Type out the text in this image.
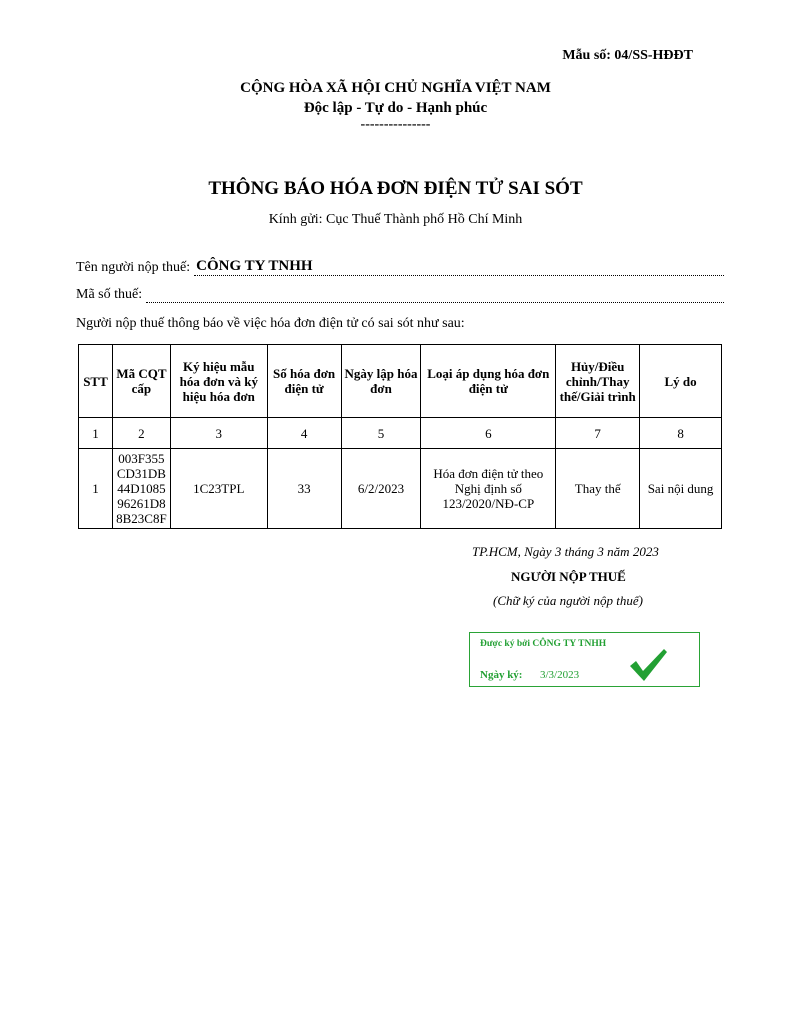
Mẫu số: 04/SS-HĐĐT
CỘNG HÒA XÃ HỘI CHỦ NGHĨA VIỆT NAM
Độc lập - Tự do - Hạnh phúc
---------------
THÔNG BÁO HÓA ĐƠN ĐIỆN TỬ SAI SÓT
Kính gửi: Cục Thuế Thành phố Hồ Chí Minh
Tên người nộp thuế: CÔNG TY TNHH
Mã số thuế:
Người nộp thuế thông báo về việc hóa đơn điện tử có sai sót như sau:
STT	Mã CQT cấp	Ký hiệu mẫu hóa đơn và ký hiệu hóa đơn	Số hóa đơn điện tử	Ngày lập hóa đơn	Loại áp dụng hóa đơn điện tử	Hủy/Điều chỉnh/Thay thế/Giải trình	Lý do
1	2	3	4	5	6	7	8
1	003F355CD31DB44D108596261D88B23C8F	1C23TPL	33	6/2/2023	Hóa đơn điện tử theo Nghị định số 123/2020/NĐ-CP	Thay thế	Sai nội dung
TP.HCM, Ngày 3 tháng 3 năm 2023
NGƯỜI NỘP THUẾ
(Chữ ký của người nộp thuế)
Được ký bởi CÔNG TY TNHH
Ngày ký: 3/3/2023
